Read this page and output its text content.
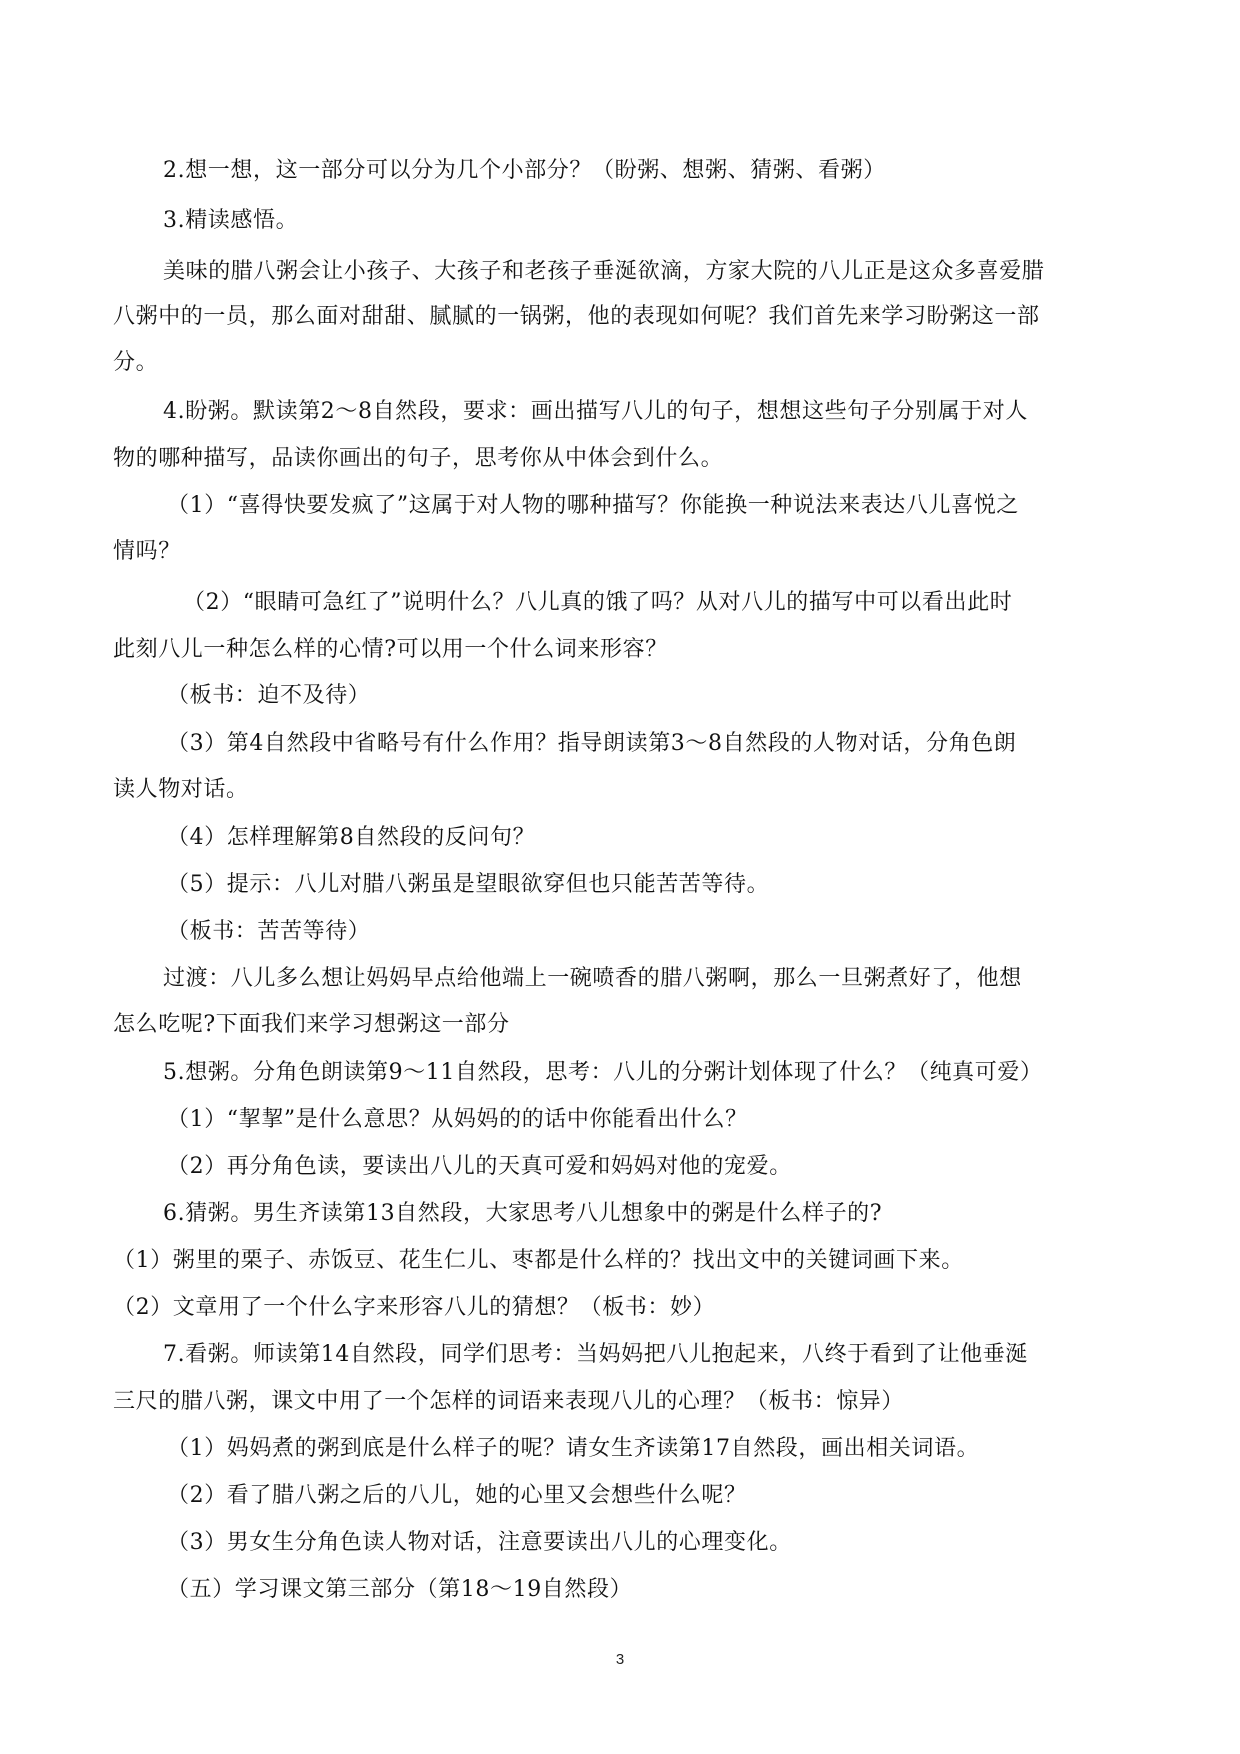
2.想一想，这一部分可以分为几个小部分？（盼粥、想粥、猜粥、看粥）
3.精读感悟。
美味的腊八粥会让小孩子、大孩子和老孩子垂涎欲滴，方家大院的八儿正是这众多喜爱腊
八粥中的一员，那么面对甜甜、腻腻的一锅粥，他的表现如何呢？我们首先来学习盼粥这一部
分。
4.盼粥。默读第2～8自然段，要求：画出描写八儿的句子，想想这些句子分别属于对人
物的哪种描写，品读你画出的句子，思考你从中体会到什么。
（1）“喜得快要发疯了”这属于对人物的哪种描写？你能换一种说法来表达八儿喜悦之
情吗？
（2）“眼睛可急红了”说明什么？八儿真的饿了吗？从对八儿的描写中可以看出此时
此刻八儿一种怎么样的心情?可以用一个什么词来形容？
（板书：迫不及待）
（3）第4自然段中省略号有什么作用？指导朗读第3～8自然段的人物对话，分角色朗
读人物对话。
（4）怎样理解第8自然段的反问句？
（5）提示：八儿对腊八粥虽是望眼欲穿但也只能苦苦等待。
（板书：苦苦等待）
过渡：八儿多么想让妈妈早点给他端上一碗喷香的腊八粥啊，那么一旦粥煮好了，他想
怎么吃呢?下面我们来学习想粥这一部分
5.想粥。分角色朗读第9～11自然段，思考：八儿的分粥计划体现了什么？（纯真可爱）
（1）“挈挈”是什么意思？从妈妈的的话中你能看出什么？
（2）再分角色读，要读出八儿的天真可爱和妈妈对他的宠爱。
6.猜粥。男生齐读第13自然段，大家思考八儿想象中的粥是什么样子的?
（1）粥里的栗子、赤饭豆、花生仁儿、枣都是什么样的？找出文中的关键词画下来。
（2）文章用了一个什么字来形容八儿的猜想？（板书：妙）
7.看粥。师读第14自然段，同学们思考：当妈妈把八儿抱起来，八终于看到了让他垂涎
三尺的腊八粥，课文中用了一个怎样的词语来表现八儿的心理？（板书：惊异）
（1）妈妈煮的粥到底是什么样子的呢？请女生齐读第17自然段，画出相关词语。
（2）看了腊八粥之后的八儿，她的心里又会想些什么呢？
（3）男女生分角色读人物对话，注意要读出八儿的心理变化。
（五）学习课文第三部分（第18～19自然段）
3
